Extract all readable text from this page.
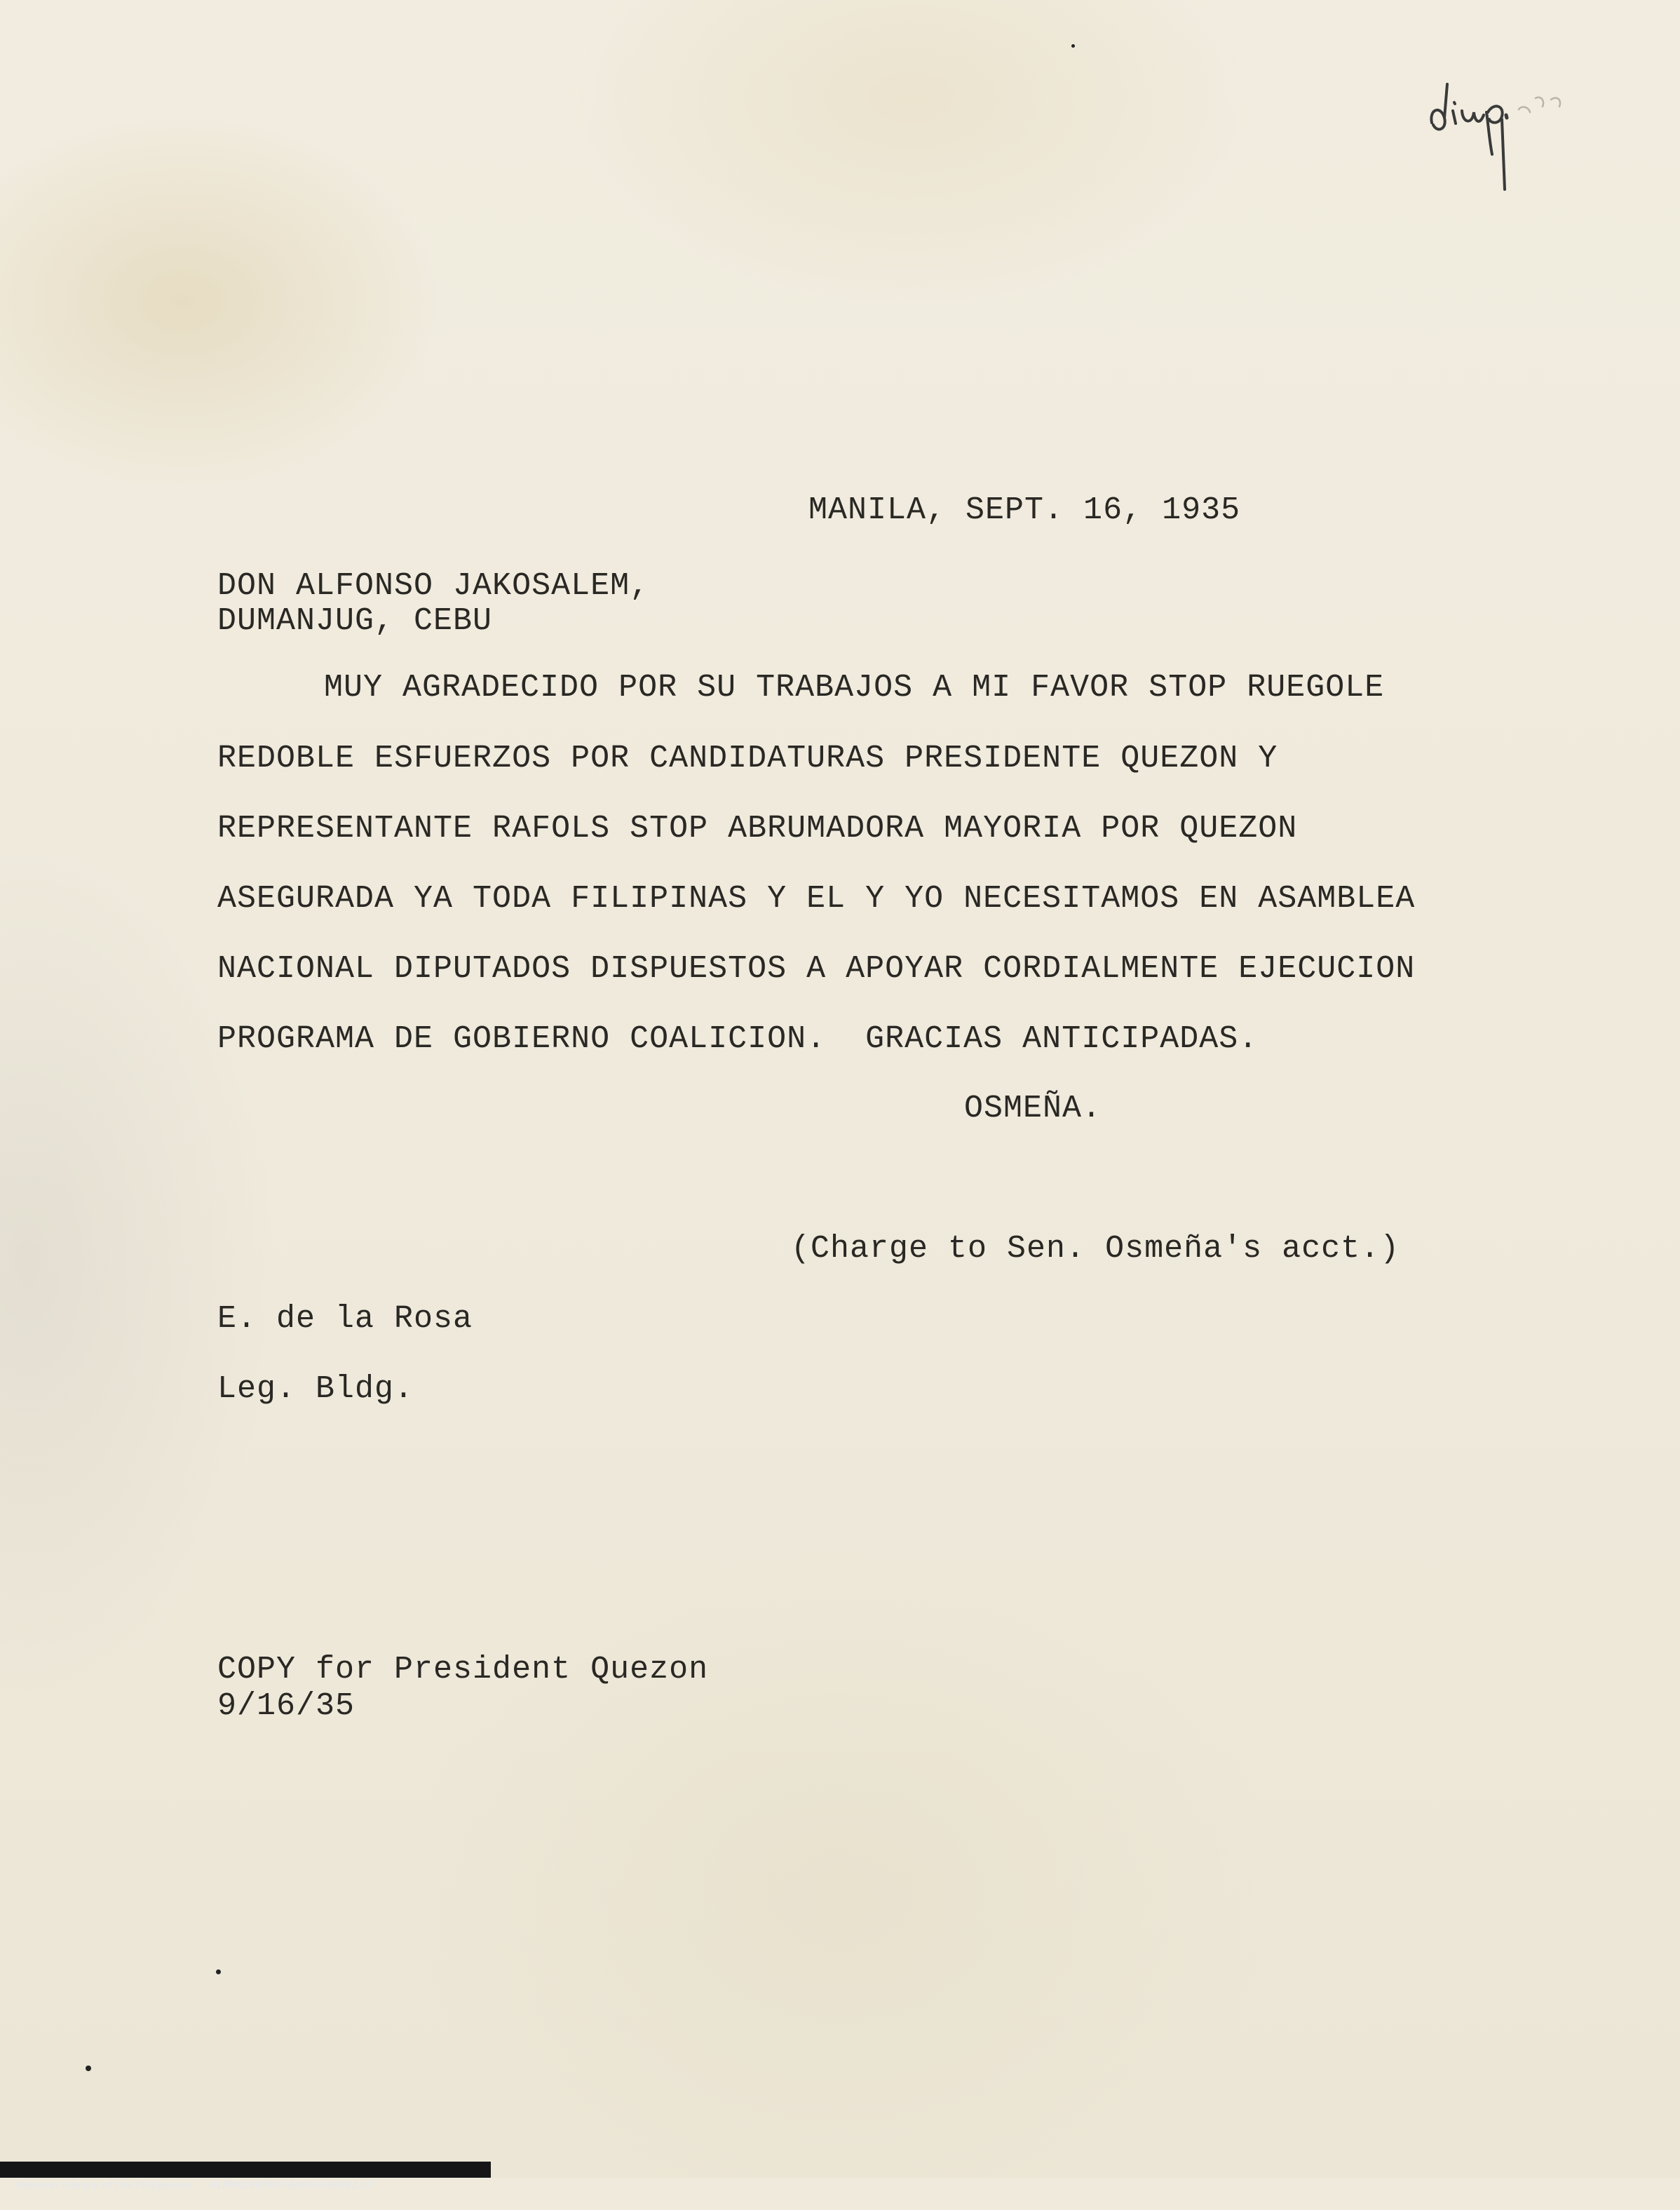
MANILA, SEPT. 16, 1935
DON ALFONSO JAKOSALEM,
DUMANJUG, CEBU
MUY AGRADECIDO POR SU TRABAJOS A MI FAVOR STOP RUEGOLE
REDOBLE ESFUERZOS POR CANDIDATURAS PRESIDENTE QUEZON Y
REPRESENTANTE RAFOLS STOP ABRUMADORA MAYORIA POR QUEZON
ASEGURADA YA TODA FILIPINAS Y EL Y YO NECESITAMOS EN ASAMBLEA
NACIONAL DIPUTADOS DISPUESTOS A APOYAR CORDIALMENTE EJECUCION
PROGRAMA DE GOBIERNO COALICION.  GRACIAS ANTICIPADAS.
OSMEÑA.
(Charge to Sen. Osmeña's acct.)
E. de la Rosa
Leg. Bldg.
COPY for President Quezon
9/16/35

National Library of the Philippines NLPMQMN5007B086F048062.tif
